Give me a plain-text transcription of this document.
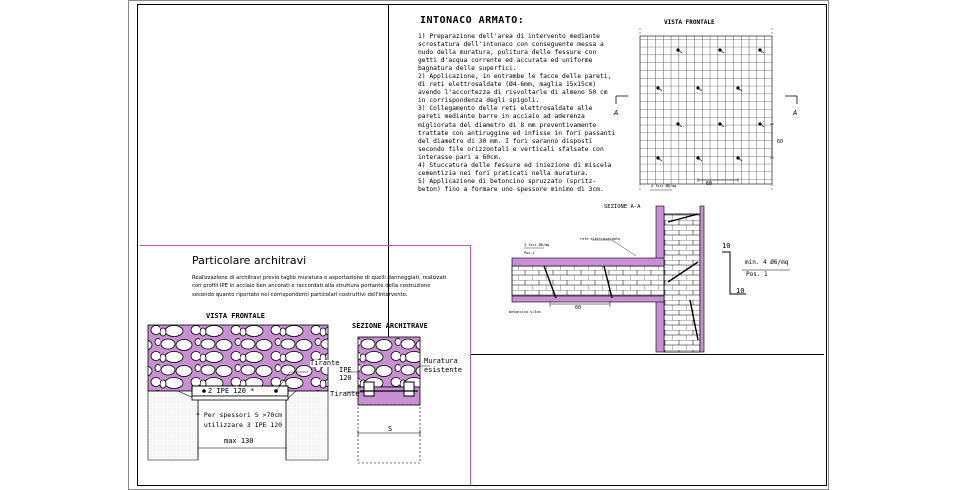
INTONACO ARMATO:
1) Preparazione dell'area di intervento mediante scrostatura dell'intonaco con conseguente messa a nudo della muratura, pulitura delle fessure con getti d'acqua corrente ed accurata ed uniforme bagnatura delle superfici.
2) Applicazione, in entrambe le facce delle pareti, di reti elettrosaldate (Ø4-6mm, maglia 15x15cm) avendo l'accortezza di risvoltarle di almeno 50 cm in corrispondenza degli spigoli.
3) Collegamento delle reti elettrosaldate alle pareti mediante barre in acciaio ad aderenza migliorata del diametro di 8 mm preventivamente trattate con antiruggine ed infisse in fori passanti del diametro di 30 mm. I fori saranno disposti secondo file orizzontali e verticali sfalsate con interasse pari a 60cm.
4) Stuccatura delle fessure ed iniezione di miscela cementizia nei fori praticati nella muratura.
5) Applicazione di betoncino spruzzato (spritz-beton) fino a formare uno spessore minimo di 3cm.
VISTA FRONTALE
A	A
60
4 fori Ø8/mq
SEZIONE A-A
rete elettrosaldata
4 fori Ø8/mq
Pos.1
betoncino s=3cm
60
10
10
min. 4 Ø6/mq
Pos. 1
Particolare architravi
Realizzazione di architravi previo taglio muratura e asportazione di quelli danneggiati, realizzati con profili IPE in acciaio ben ancorati e raccordati alla struttura portante della costruzione secondo quanto riportato nei corrispondenti particolari costruttivi dell'intervento.
VISTA FRONTALE
SEZIONE ARCHITRAVE
Tirante
2 IPE 120 *
* Per spessori S >70cm
utilizzare 3 IPE 120
max 130
IPE
120
Muratura
esistente
Tirante
S
